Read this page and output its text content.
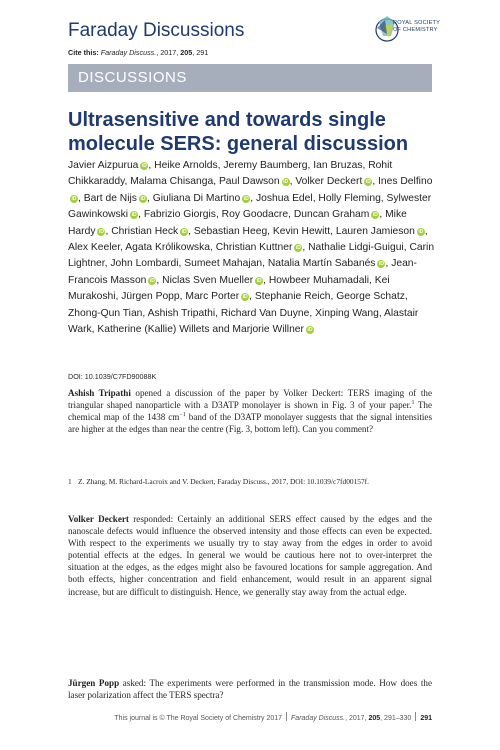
Faraday Discussions
Cite this: Faraday Discuss., 2017, 205, 291
ROYAL SOCIETY
OF CHEMISTRY
DISCUSSIONS
Ultrasensitive and towards single molecule SERS: general discussion

Javier Aizpurua iD , Heike Arnolds, Jeremy Baumberg, Ian Bruzas, Rohit Chikkaraddy, Malama Chisanga, Paul Dawson iD , Volker Deckert iD , Ines DelfinoiD , Bart de Nijs iD , Giuliana Di Martino iD , Joshua Edel, Holly Fleming, Sylwester Gawinkowski iD , Fabrizio Giorgis, Roy Goodacre, Duncan Graham iD , Mike Hardy iD , Christian Heck iD , Sebastian Heeg, Kevin Hewitt, Lauren Jamieson iD , Alex Keeler, Agata Królikowska, Christian Kuttner iD , Nathalie Lidgi-Guigui, Carin Lightner, John Lombardi, Sumeet Mahajan, Natalia Martín Sabanés iD , Jean-Francois Masson iD , Niclas Sven Mueller iD , Howbeer Muhamadali, Kei Murakoshi, Jürgen Popp, Marc Porter iD , Stephanie Reich, George Schatz, Zhong-Qun Tian, Ashish Tripathi, Richard Van Duyne, Xinping Wang, Alastair Wark, Katherine (Kallie) Willets and Marjorie Willner iD

DOI: 10.1039/C7FD90088K

Ashish Tripathi opened a discussion of the paper by Volker Deckert: TERS imaging of the triangular shaped nanoparticle with a D3ATP monolayer is shown in Fig. 3 of your paper.$^1$ The chemical map of the 1438 $cm^{-1}$ band of the D3ATP monolayer suggests that the signal intensities are higher at the edges than near the centre (Fig. 3, bottom left). Can you comment?

1 Z. Zhang, M. Richard-Lacroix and V. Deckert, Faraday Discuss., 2017, DOI: 10.1039/c7fd00157f.

Volker Deckert responded: Certainly an additional SERS effect caused by the edges and the nanoscale defects would influence the observed intensity and those effects can even be expected. With respect to the experiments we usually try to stay away from the edges in order to avoid potential effects at the edges. In general we would be cautious here not to over-interpret the situation at the edges, as the edges might also be favoured locations for sample aggregation. And both effects, higher concentration and field enhancement, would result in an apparent signal increase, but are difficult to distinguish. Hence, we generally stay away from the actual edge.

Jürgen Popp asked: The experiments were performed in the transmission mode. How does the laser polarization affect the TERS spectra?

This journal is © The Royal Society of Chemistry 2017 Faraday Discuss., 2017, 205, 291–330 291
